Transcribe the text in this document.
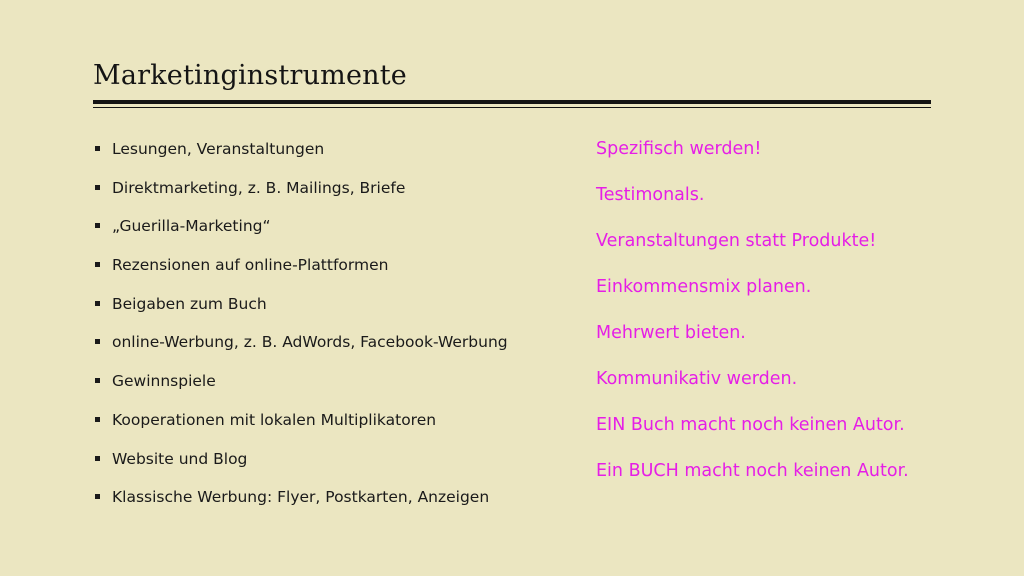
Marketinginstrumente
Lesungen, Veranstaltungen
Direktmarketing, z. B. Mailings, Briefe
„Guerilla-Marketing“
Rezensionen auf online-Plattformen
Beigaben zum Buch
online-Werbung, z. B. AdWords, Facebook-Werbung
Gewinnspiele
Kooperationen mit lokalen Multiplikatoren
Website und Blog
Klassische Werbung: Flyer, Postkarten, Anzeigen
Spezifisch werden!
Testimonals.
Veranstaltungen statt Produkte!
Einkommensmix planen.
Mehrwert bieten.
Kommunikativ werden.
EIN Buch macht noch keinen Autor.
Ein BUCH macht noch keinen Autor.
